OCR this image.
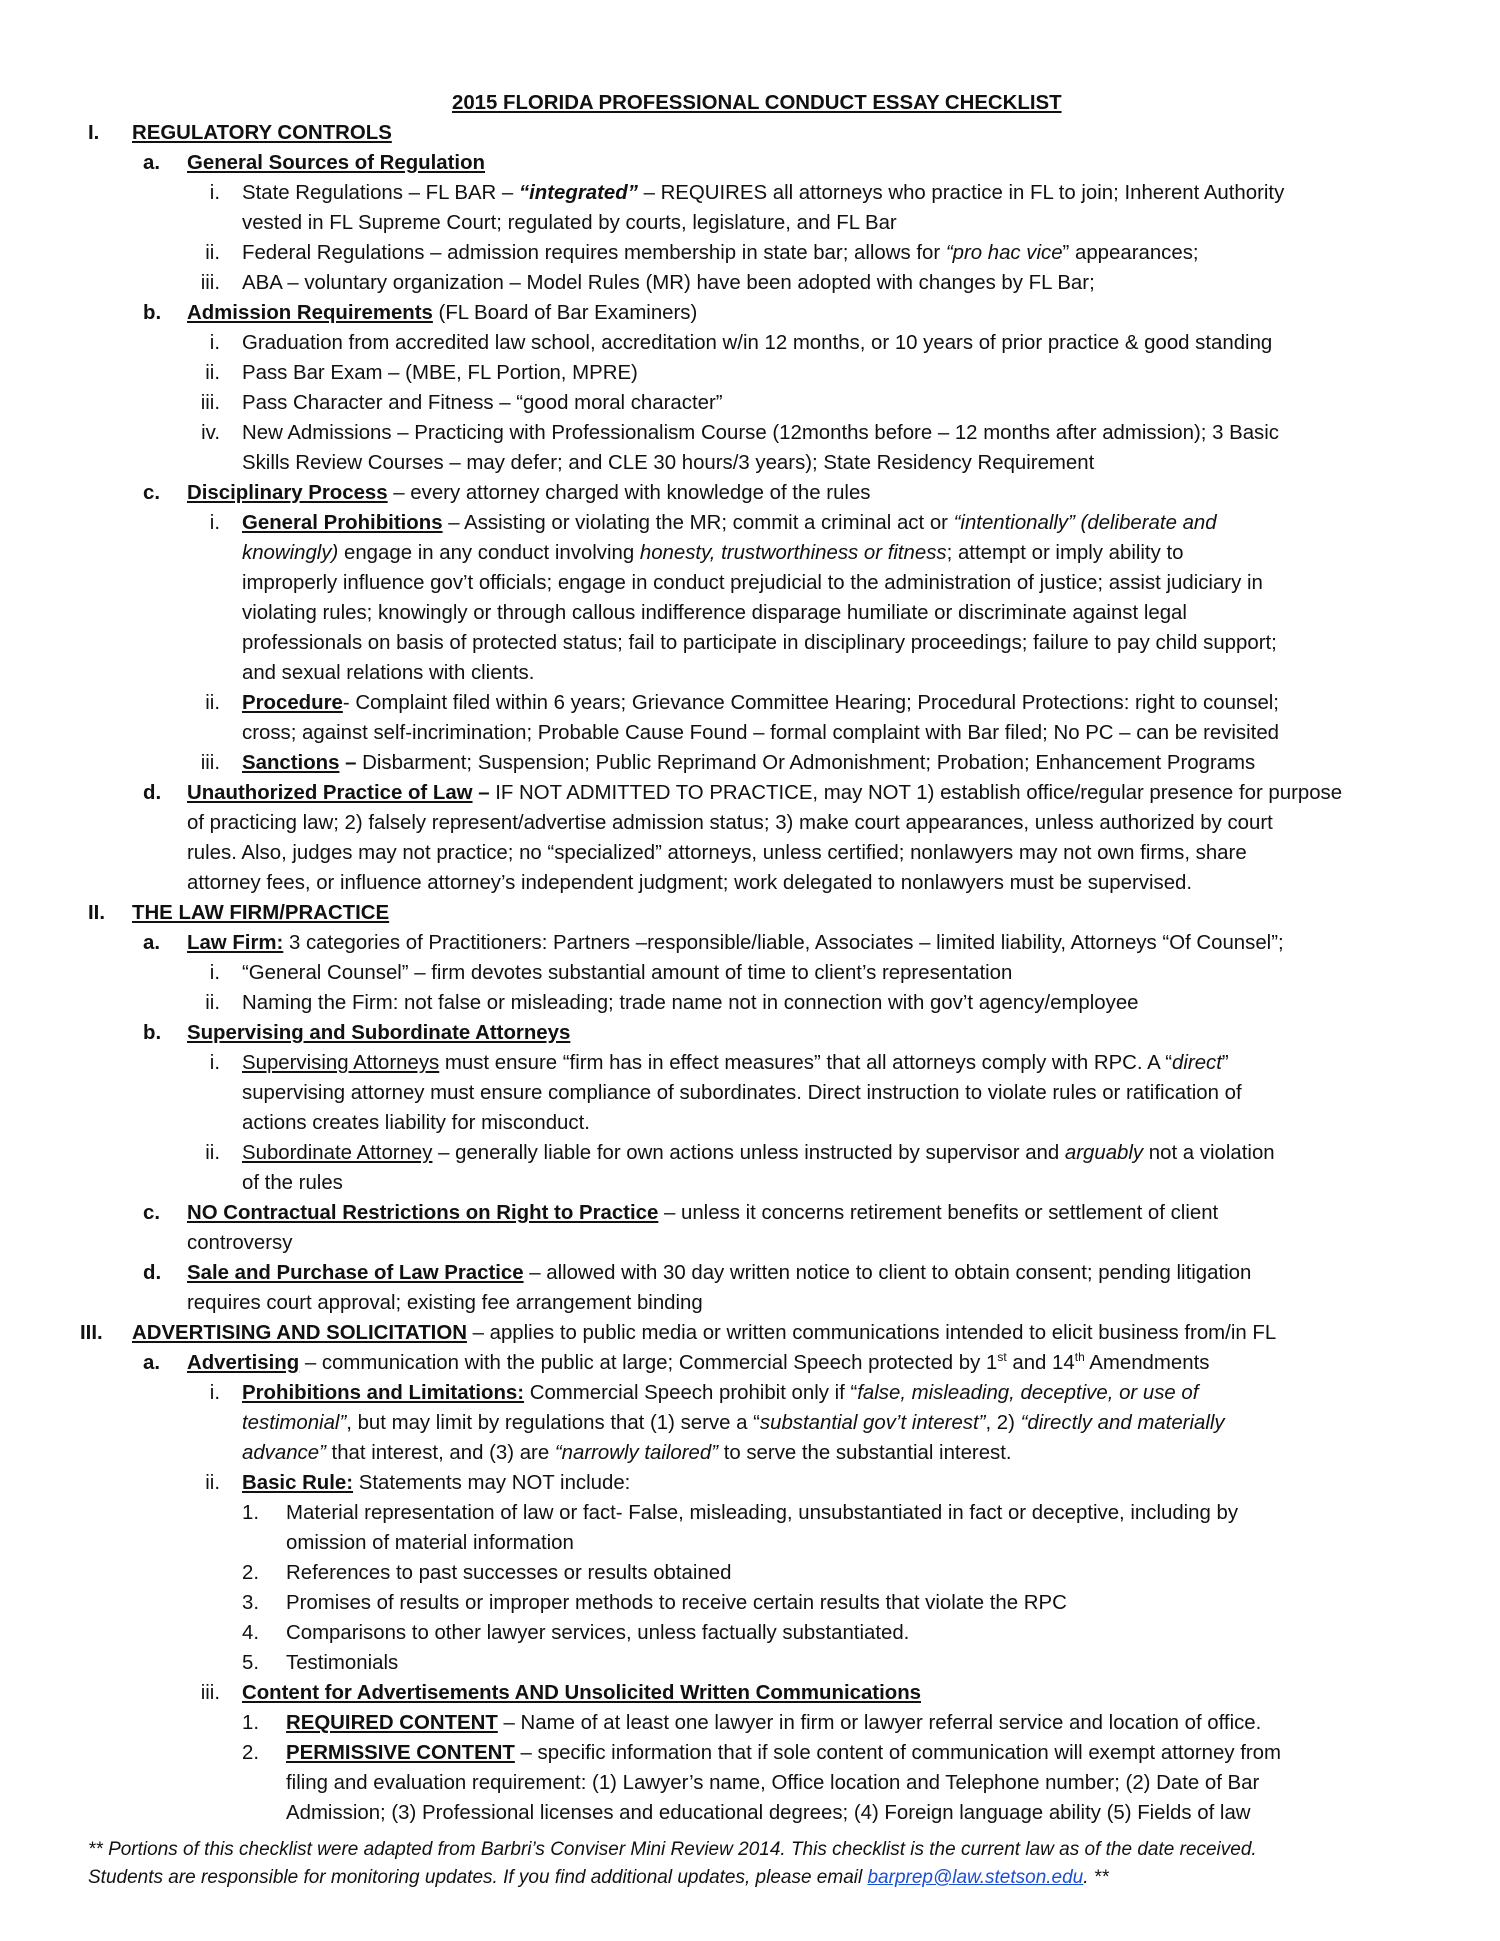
2015 FLORIDA PROFESSIONAL CONDUCT ESSAY CHECKLIST
I. REGULATORY CONTROLS
a. General Sources of Regulation
i. State Regulations – FL BAR – “integrated” – REQUIRES all attorneys who practice in FL to join; Inherent Authority
vested in FL Supreme Court; regulated by courts, legislature, and FL Bar
ii. Federal Regulations – admission requires membership in state bar; allows for “pro hac vice” appearances;
iii. ABA – voluntary organization – Model Rules (MR) have been adopted with changes by FL Bar;
b. Admission Requirements (FL Board of Bar Examiners)
i. Graduation from accredited law school, accreditation w/in 12 months, or 10 years of prior practice & good standing
ii. Pass Bar Exam – (MBE, FL Portion, MPRE)
iii. Pass Character and Fitness – “good moral character”
iv. New Admissions – Practicing with Professionalism Course (12months before – 12 months after admission); 3 Basic
Skills Review Courses – may defer; and CLE 30 hours/3 years); State Residency Requirement
c. Disciplinary Process – every attorney charged with knowledge of the rules
i. General Prohibitions – Assisting or violating the MR; commit a criminal act or “intentionally” (deliberate and
knowingly) engage in any conduct involving honesty, trustworthiness or fitness; attempt or imply ability to
improperly influence gov’t officials; engage in conduct prejudicial to the administration of justice; assist judiciary in
violating rules; knowingly or through callous indifference disparage humiliate or discriminate against legal
professionals on basis of protected status; fail to participate in disciplinary proceedings; failure to pay child support;
and sexual relations with clients.
ii. Procedure- Complaint filed within 6 years; Grievance Committee Hearing; Procedural Protections: right to counsel;
cross; against self-incrimination; Probable Cause Found – formal complaint with Bar filed; No PC – can be revisited
iii. Sanctions – Disbarment; Suspension; Public Reprimand Or Admonishment; Probation; Enhancement Programs
d. Unauthorized Practice of Law – IF NOT ADMITTED TO PRACTICE, may NOT 1) establish office/regular presence for purpose
of practicing law; 2) falsely represent/advertise admission status; 3) make court appearances, unless authorized by court
rules. Also, judges may not practice; no “specialized” attorneys, unless certified; nonlawyers may not own firms, share
attorney fees, or influence attorney’s independent judgment; work delegated to nonlawyers must be supervised.
II. THE LAW FIRM/PRACTICE
a. Law Firm: 3 categories of Practitioners: Partners –responsible/liable, Associates – limited liability, Attorneys “Of Counsel”;
i. “General Counsel” – firm devotes substantial amount of time to client’s representation
ii. Naming the Firm: not false or misleading; trade name not in connection with gov’t agency/employee
b. Supervising and Subordinate Attorneys
i. Supervising Attorneys must ensure “firm has in effect measures” that all attorneys comply with RPC. A “direct”
supervising attorney must ensure compliance of subordinates. Direct instruction to violate rules or ratification of
actions creates liability for misconduct.
ii. Subordinate Attorney – generally liable for own actions unless instructed by supervisor and arguably not a violation
of the rules
c. NO Contractual Restrictions on Right to Practice – unless it concerns retirement benefits or settlement of client
controversy
d. Sale and Purchase of Law Practice – allowed with 30 day written notice to client to obtain consent; pending litigation
requires court approval; existing fee arrangement binding
III. ADVERTISING AND SOLICITATION – applies to public media or written communications intended to elicit business from/in FL
a. Advertising – communication with the public at large; Commercial Speech protected by 1st and 14th Amendments
i. Prohibitions and Limitations: Commercial Speech prohibit only if “false, misleading, deceptive, or use of
testimonial”, but may limit by regulations that (1) serve a “substantial gov’t interest”, 2) “directly and materially
advance” that interest, and (3) are “narrowly tailored” to serve the substantial interest.
ii. Basic Rule: Statements may NOT include:
1. Material representation of law or fact- False, misleading, unsubstantiated in fact or deceptive, including by
omission of material information
2. References to past successes or results obtained
3. Promises of results or improper methods to receive certain results that violate the RPC
4. Comparisons to other lawyer services, unless factually substantiated.
5. Testimonials
iii. Content for Advertisements AND Unsolicited Written Communications
1. REQUIRED CONTENT – Name of at least one lawyer in firm or lawyer referral service and location of office.
2. PERMISSIVE CONTENT – specific information that if sole content of communication will exempt attorney from
filing and evaluation requirement: (1) Lawyer’s name, Office location and Telephone number; (2) Date of Bar
Admission; (3) Professional licenses and educational degrees; (4) Foreign language ability (5) Fields of law
** Portions of this checklist were adapted from Barbri’s Conviser Mini Review 2014. This checklist is the current law as of the date received.
Students are responsible for monitoring updates. If you find additional updates, please email barprep@law.stetson.edu. **
